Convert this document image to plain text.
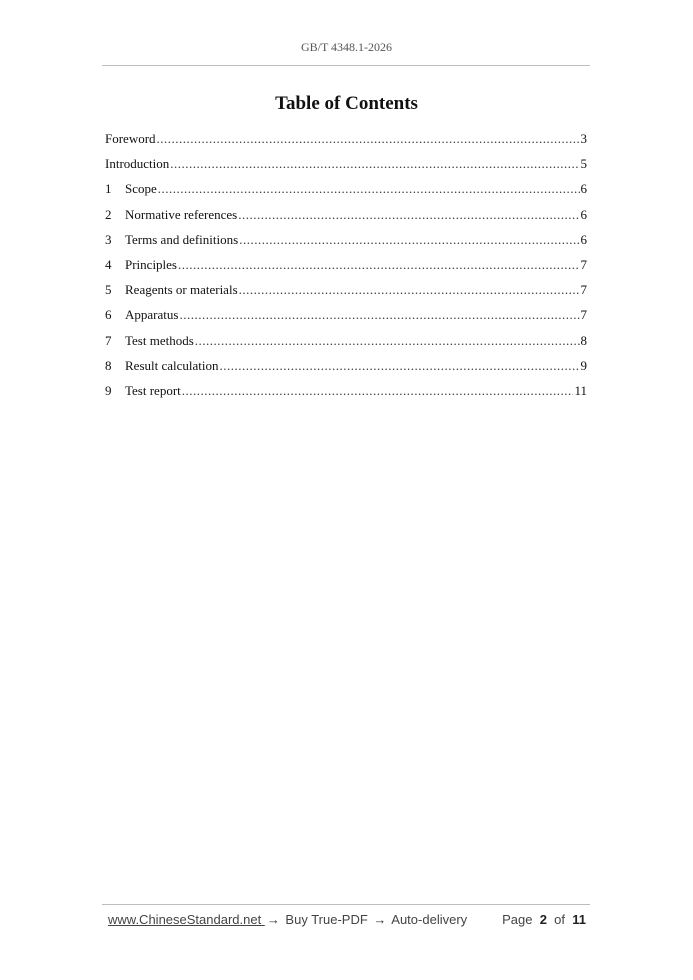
GB/T 4348.1-2026
Table of Contents
Foreword .....	3
Introduction .....	5
1	Scope .....	6
2	Normative references .....	6
3	Terms and definitions .....	6
4	Principles .....	7
5	Reagents or materials .....	7
6	Apparatus .....	7
7	Test methods .....	8
8	Result calculation .....	9
9	Test report .....	11
www.ChineseStandard.net → Buy True-PDF → Auto-delivery	Page 2 of 11
